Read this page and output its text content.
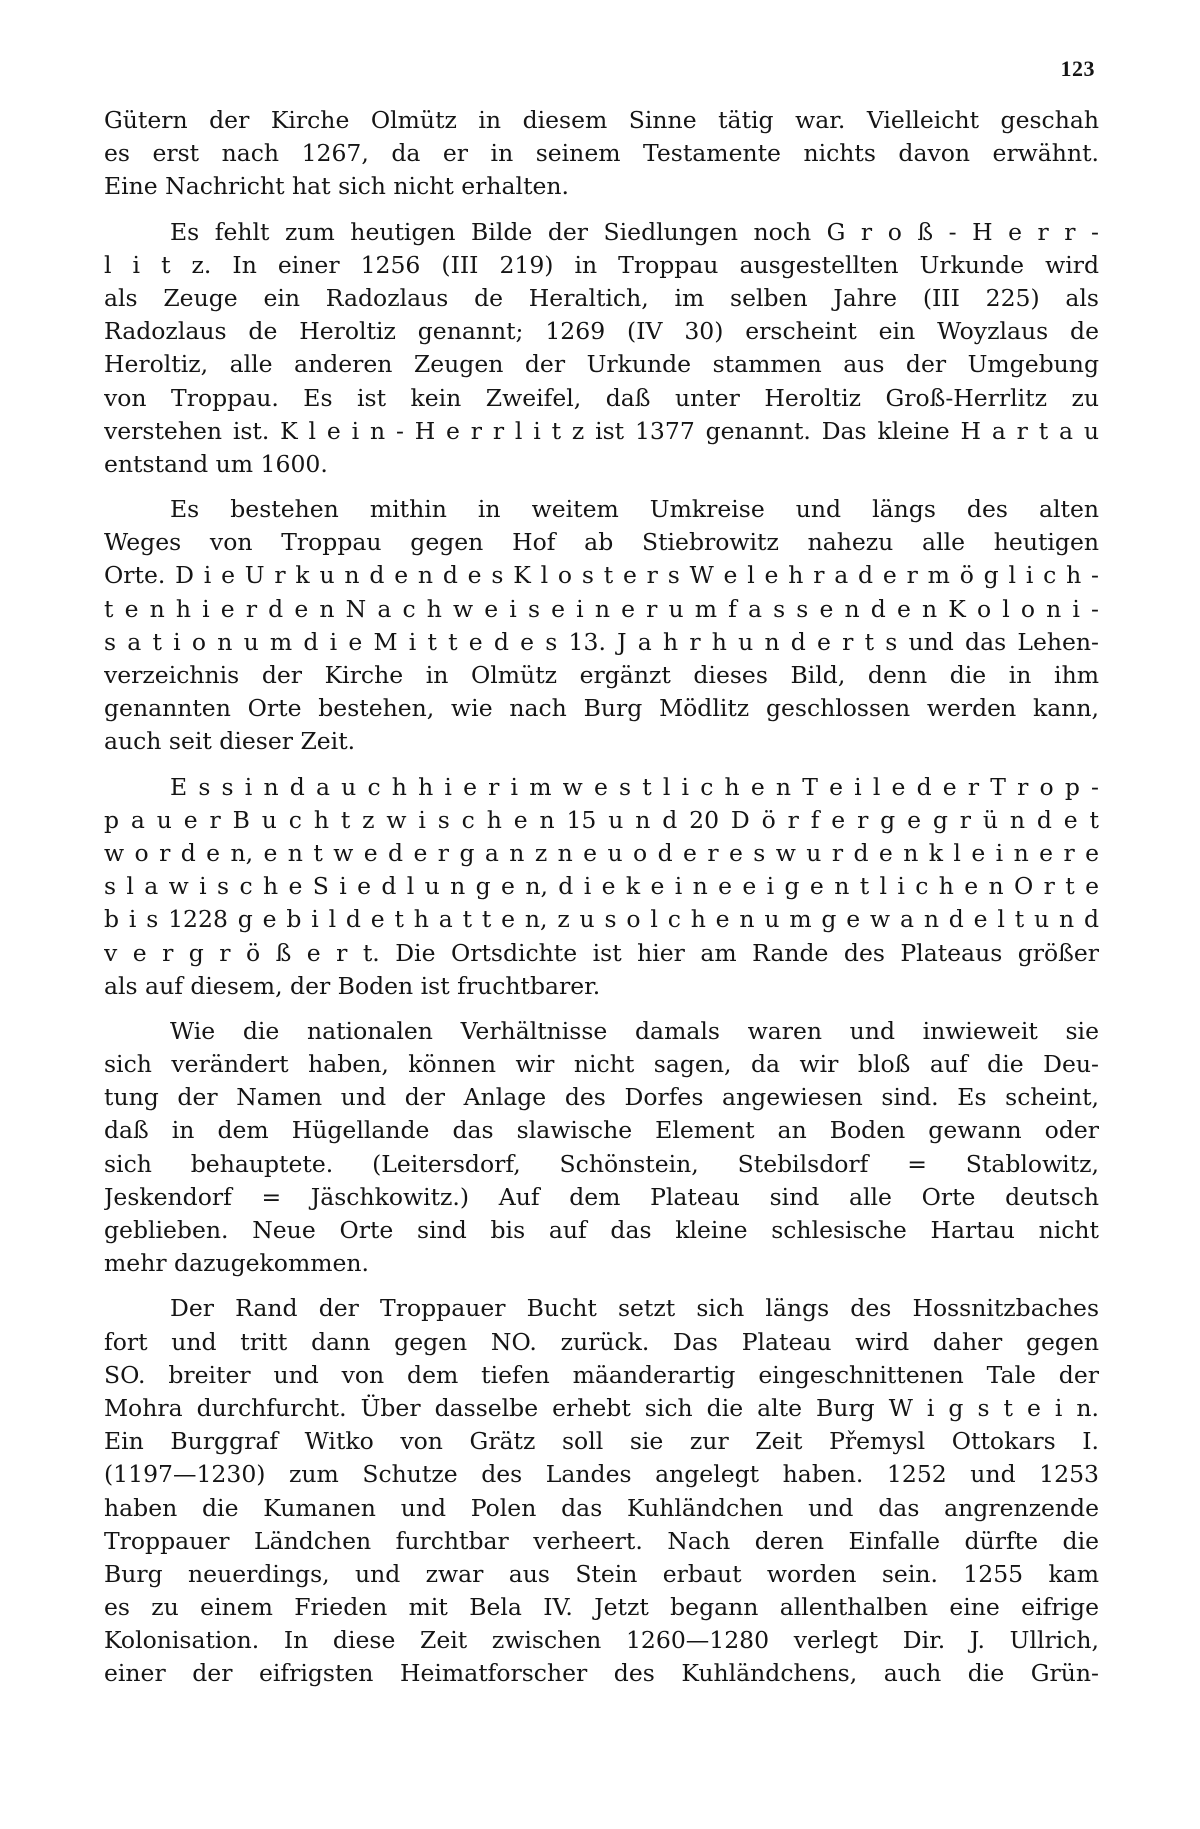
123
Gütern der Kirche Olmütz in diesem Sinne tätig war. Vielleicht geschah
es erst nach 1267, da er in seinem Testamente nichts davon erwähnt.
Eine Nachricht hat sich nicht erhalten.
Es fehlt zum heutigen Bilde der Siedlungen noch G r o ß - H e r r -
l i t z. In einer 1256 (III 219) in Troppau ausgestellten Urkunde wird
als Zeuge ein Radozlaus de Heraltich, im selben Jahre (III 225) als
Radozlaus de Heroltiz genannt; 1269 (IV 30) erscheint ein Woyzlaus de
Heroltiz, alle anderen Zeugen der Urkunde stammen aus der Umgebung
von Troppau. Es ist kein Zweifel, daß unter Heroltiz Groß-Herrlitz zu
verstehen ist. K l e i n - H e r r l i t z ist 1377 genannt. Das kleine H a r t a u
entstand um 1600.
Es bestehen mithin in weitem Umkreise und längs des alten
Weges von Troppau gegen Hof ab Stiebrowitz nahezu alle heutigen
Orte. D i e U r k u n d e n d e s K l o s t e r s W e l e h r a d e r m ö g l i c h -
t e n h i e r d e n N a c h w e i s e i n e r u m f a s s e n d e n K o l o n i -
s a t i o n u m d i e M i t t e d e s 13. J a h r h u n d e r t s und das Lehen-
verzeichnis der Kirche in Olmütz ergänzt dieses Bild, denn die in ihm
genannten Orte bestehen, wie nach Burg Mödlitz geschlossen werden kann,
auch seit dieser Zeit.
E s s i n d a u c h h i e r i m w e s t l i c h e n T e i l e d e r T r o p -
p a u e r B u c h t z w i s c h e n 15 u n d 20 D ö r f e r g e g r ü n d e t
w o r d e n, e n t w e d e r g a n z n e u o d e r e s w u r d e n k l e i n e r e
s l a w i s c h e S i e d l u n g e n, d i e k e i n e e i g e n t l i c h e n O r t e
b i s 1228 g e b i l d e t h a t t e n, z u s o l c h e n u m g e w a n d e l t u n d
v e r g r ö ß e r t. Die Ortsdichte ist hier am Rande des Plateaus größer
als auf diesem, der Boden ist fruchtbarer.
Wie die nationalen Verhältnisse damals waren und inwieweit sie
sich verändert haben, können wir nicht sagen, da wir bloß auf die Deu-
tung der Namen und der Anlage des Dorfes angewiesen sind. Es scheint,
daß in dem Hügellande das slawische Element an Boden gewann oder
sich behauptete. (Leitersdorf, Schönstein, Stebilsdorf = Stablowitz,
Jeskendorf = Jäschkowitz.) Auf dem Plateau sind alle Orte deutsch
geblieben. Neue Orte sind bis auf das kleine schlesische Hartau nicht
mehr dazugekommen.
Der Rand der Troppauer Bucht setzt sich längs des Hossnitzbaches
fort und tritt dann gegen NO. zurück. Das Plateau wird daher gegen
SO. breiter und von dem tiefen mäanderartig eingeschnittenen Tale der
Mohra durchfurcht. Über dasselbe erhebt sich die alte Burg W i g s t e i n.
Ein Burggraf Witko von Grätz soll sie zur Zeit Přemysl Ottokars I.
(1197—1230) zum Schutze des Landes angelegt haben. 1252 und 1253
haben die Kumanen und Polen das Kuhländchen und das angrenzende
Troppauer Ländchen furchtbar verheert. Nach deren Einfalle dürfte die
Burg neuerdings, und zwar aus Stein erbaut worden sein. 1255 kam
es zu einem Frieden mit Bela IV. Jetzt begann allenthalben eine eifrige
Kolonisation. In diese Zeit zwischen 1260—1280 verlegt Dir. J. Ullrich,
einer der eifrigsten Heimatforscher des Kuhländchens, auch die Grün-
